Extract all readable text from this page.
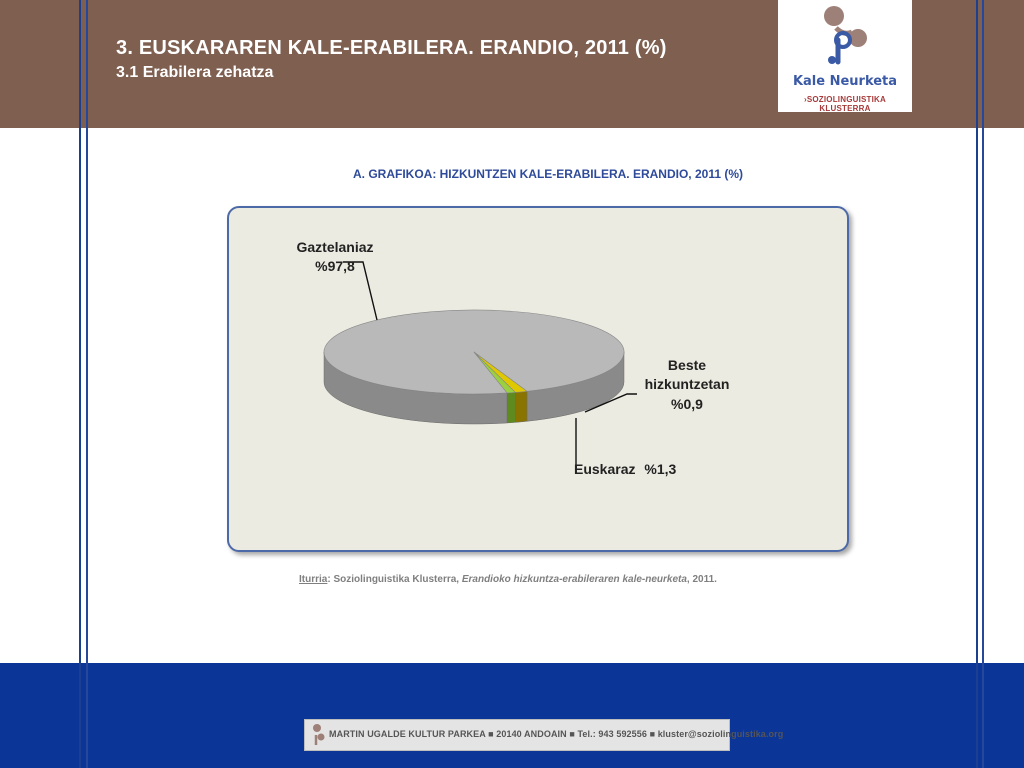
3. EUSKARAREN KALE-ERABILERA. ERANDIO, 2011 (%)
3.1 Erabilera zehatza
Kale Neurketa
›SOZIOLINGUISTIKA KLUSTERRA
A. GRAFIKOA: HIZKUNTZEN KALE-ERABILERA. ERANDIO, 2011 (%)
Gaztelaniaz
%97,8
Beste
hizkuntzetan
%0,9
Euskaraz %1,3
Iturria: Soziolinguistika Klusterra, Erandioko hizkuntza-erabileraren kale-neurketa, 2011.
MARTIN UGALDE KULTUR PARKEA ■ 20140 ANDOAIN ■ Tel.: 943 592556 ■ kluster@soziolinguistika.org
